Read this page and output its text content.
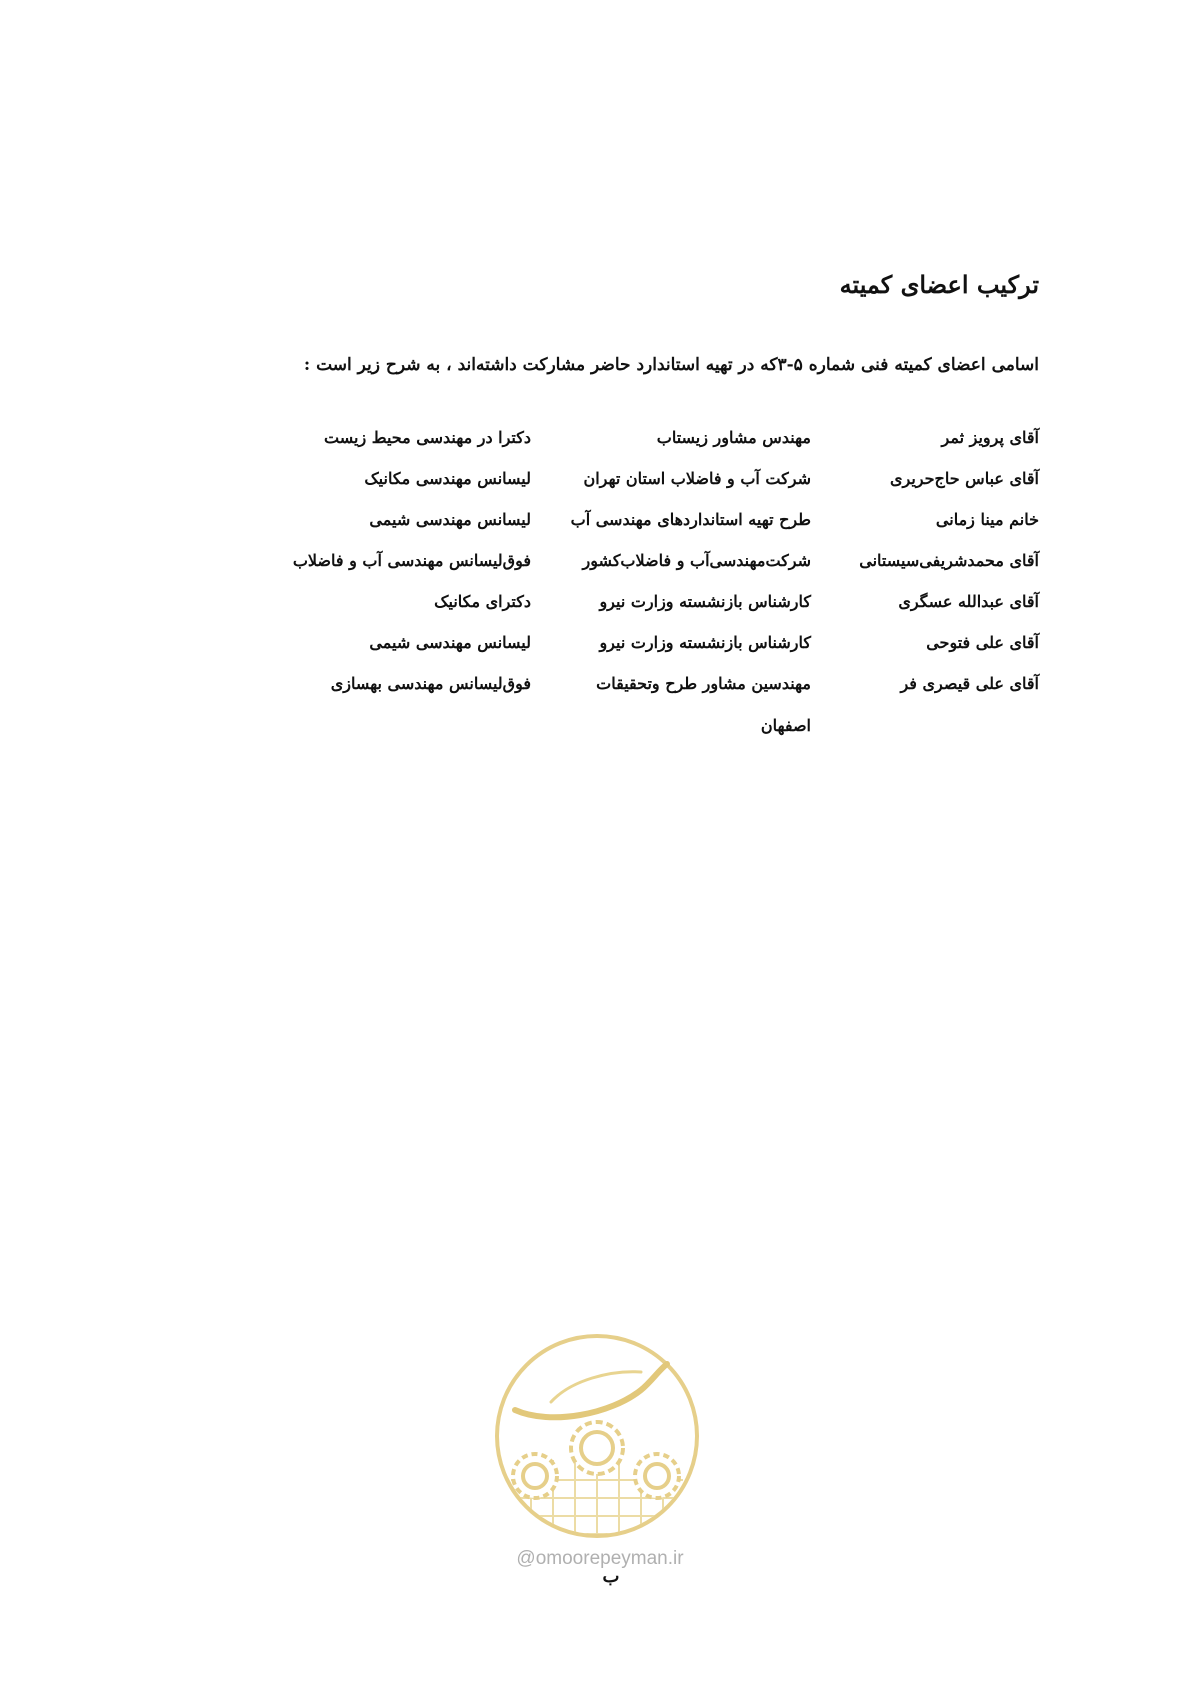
ترکیب اعضای کمیته
اسامی اعضای کمیته فنی شماره ۵-۳که در تهیه استاندارد حاضر مشارکت داشته‌اند ، به شرح زیر است :
آقای پرویز ثمر
مهندس مشاور زیستاب
دکترا در مهندسی محیط زیست
آقای عباس حاج‌حریری
شرکت آب و فاضلاب استان تهران
لیسانس مهندسی مکانیک
خانم مینا زمانی
طرح تهیه استانداردهای مهندسی آب
لیسانس مهندسی شیمی
آقای محمدشریفی‌سیستانی
شرکت‌مهندسی‌آب و فاضلاب‌کشور
فوق‌لیسانس مهندسی آب و فاضلاب
آقای عبدالله عسگری
کارشناس بازنشسته وزارت نیرو
دکترای مکانیک
آقای علی فتوحی
کارشناس بازنشسته وزارت نیرو
لیسانس مهندسی شیمی
آقای علی قیصری فر
مهندسین مشاور طرح وتحقیقات
فوق‌لیسانس مهندسی بهسازی
اصفهان
@omoorepeyman.ir
ب
